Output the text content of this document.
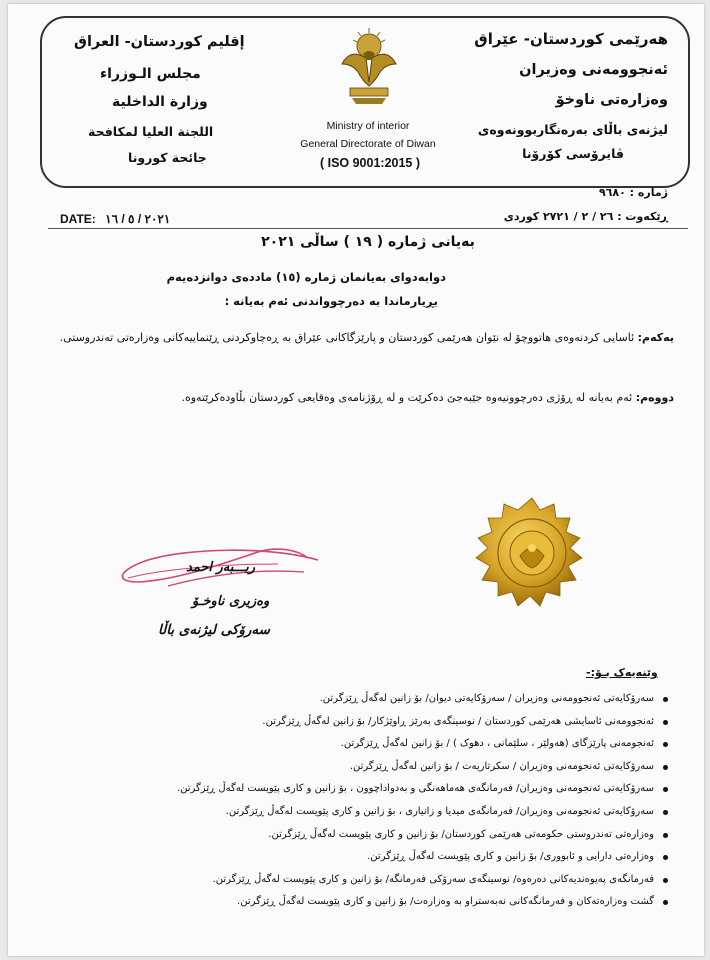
هەرێمی کوردستان- عێراق
ئەنجوومەنی وەزیران
وەزارەتی ناوخۆ
لیژنەی باڵای بەرەنگاربوونەوەی
ڤایرۆسی کۆرۆنا
إقليم كوردستان- العراق
مجلس الـوزراء
وزارة الداخلية
اللجنة العليا لمكافحة
جائحة كورونا
Ministry of interior
General Directorate of Diwan
( ISO 9001:2015 )
ژمارە : ٩٦٨٠
ڕێکەوت : ٢٦ / ٢ / ٢٧٢١ کوردی
DATE: ٢٠٢١ / ٥ / ١٦
بەیانی ژمارە ( ١٩ ) ساڵی ٢٠٢١
دوابەدوای بەیانمان ژمارە (١٥) ماددەی دوانزدەیەم
بڕیارماندا بە دەرچوواندنی ئەم بەیانە :
یەکەم: ئاسایی کردنەوەی هاتووچۆ لە نێوان هەرێمی کوردستان و پارێزگاکانی عێراق بە ڕەچاوکردنی ڕێنماییەکانی وەزارەتی تەندروستی.
دووەم: ئەم بەیانە لە ڕۆژی دەرچوونیەوە جێبەجێ دەکرێت و لە ڕۆژنامەی وەقایعی کوردستان بڵاودەکرێتەوە.
ریـــبەر احمد
وەزیری ناوخـۆ
سەرۆکی لیژنەی باڵا
وێنەیەک بـۆ:-
سەرۆکایەتی ئەنجوومەنی وەزیران / سەرۆکایەتی دیوان/ بۆ زانین لەگەڵ ڕێزگرتن.
ئەنجوومەنی ئاسایشی هەرێمی کوردستان / نوسینگەی بەرێز ڕاوێژکار/ بۆ زانین لەگەڵ ڕێزگرتن.
ئەنجومەنی پارێزگای (هەولێر ، سلێمانی ، دهوک ) / بۆ زانین لەگەڵ ڕێزگرتن.
سەرۆکایەتی ئەنجومەنی وەزیران / سکرتاریەت / بۆ زانین لەگەڵ ڕێزگرتن.
سەرۆکایەتی ئەنجومەنی وەزیران/ فەرمانگەی هەماهەنگی و بەدواداچوون ، بۆ زانین و کاری پێویست لەگەڵ ڕێزگرتن.
سەرۆکایەتی ئەنجومەنی وەزیران/ فەرمانگەی میدیا و زانیاری ، بۆ زانین و کاری پێویست لەگەڵ ڕێزگرتن.
وەزارەتی تەندروستی حکومەتی هەرێمی کوردستان/ بۆ زانین و کاری پێویست لەگەڵ ڕێزگرتن.
وەزارەتی دارایی و ئابووری/ بۆ زانین و کاری پێویست لەگەڵ ڕێزگرتن.
فەرمانگەی پەیوەندیەکانی دەرەوە/ نوسینگەی سەرۆکی فەرمانگە/ بۆ زانین و کاری پێویست لەگەڵ ڕێزگرتن.
گشت وەزارەتەکان و فەرمانگەکانی نەبەستراو بە وەزارەت/ بۆ زانین و کاری پێویست لەگەڵ ڕێزگرتن.
